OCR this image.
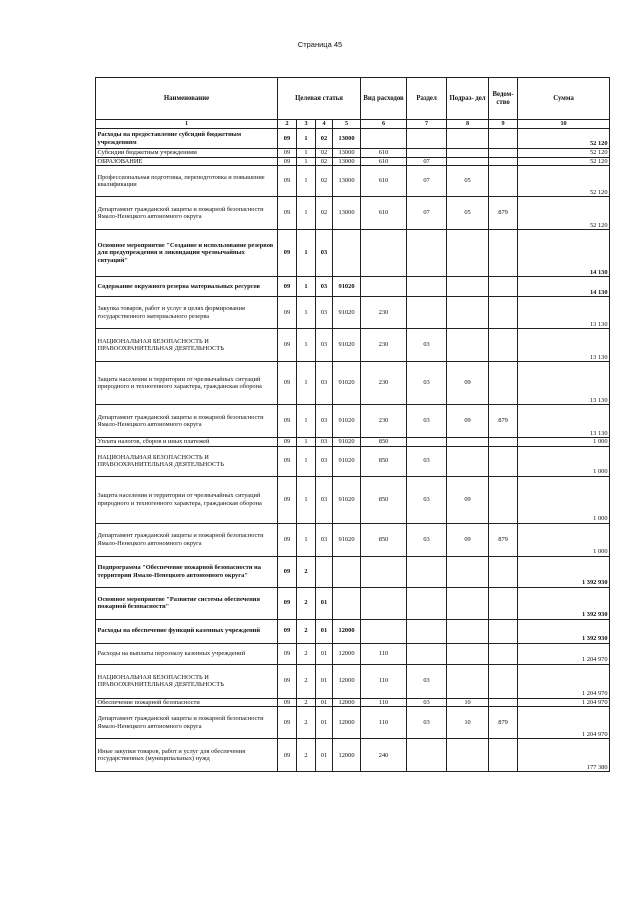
Страница 45
Наименование	Целевая статья				Вид расходов	Раздел	Подраз- дел	Ведом- ство	Сумма
1	2	3	4	5	6	7	8	9	10
Расходы на предоставление субсидий бюджетным учреждениям	09	1	02	13000					52 120
Субсидии бюджетным учреждениям	09	1	02	13000	610				52 120
ОБРАЗОВАНИЕ	09	1	02	13000	610	07			52 120
Профессиональная подготовка, переподготовка и повышение квалификации	09	1	02	13000	610	07	05		52 120
Департамент гражданской защиты и пожарной безопасности Ямало-Ненецкого автономного округа	09	1	02	13000	610	07	05	879	52 120
Основное мероприятие "Создание и использование резервов для предупреждения и ликвидации чрезвычайных ситуаций"	09	1	03						14 130
Содержание окружного резерва материальных ресурсов	09	1	03	91020					14 130
Закупка товаров, работ и услуг в целях формирования государственного материального резерва	09	1	03	91020	230				13 130
НАЦИОНАЛЬНАЯ БЕЗОПАСНОСТЬ И ПРАВООХРАНИТЕЛЬНАЯ ДЕЯТЕЛЬНОСТЬ	09	1	03	91020	230	03			13 130
Защита населения и территории от чрезвычайных ситуаций природного и техногенного характера, гражданская оборона	09	1	03	91020	230	03	09		13 130
Департамент гражданской защиты и пожарной безопасности Ямало-Ненецкого автономного округа	09	1	03	91020	230	03	09	879	13 130
Уплата налогов, сборов и иных платежей	09	1	03	91020	850				1 000
НАЦИОНАЛЬНАЯ БЕЗОПАСНОСТЬ И ПРАВООХРАНИТЕЛЬНАЯ ДЕЯТЕЛЬНОСТЬ	09	1	03	91020	850	03			1 000
Защита населения и территории от чрезвычайных ситуаций природного и техногенного характера, гражданская оборона	09	1	03	91020	850	03	09		1 000
Департамент гражданской защиты и пожарной безопасности Ямало-Ненецкого автономного округа	09	1	03	91020	850	03	09	879	1 000
Подпрограмма "Обеспечение пожарной безопасности на территории Ямало-Ненецкого автономного округа"	09	2							1 392 930
Основное мероприятие "Развитие системы обеспечения пожарной безопасности"	09	2	01						1 392 930
Расходы на обеспечение функций казенных учреждений	09	2	01	12000					1 392 930
Расходы на выплаты персоналу казенных учреждений	09	2	01	12000	110				1 204 970
НАЦИОНАЛЬНАЯ БЕЗОПАСНОСТЬ И ПРАВООХРАНИТЕЛЬНАЯ ДЕЯТЕЛЬНОСТЬ	09	2	01	12000	110	03			1 204 970
Обеспечение пожарной безопасности	09	2	01	12000	110	03	10		1 204 970
Департамент гражданской защиты и пожарной безопасности Ямало-Ненецкого автономного округа	09	2	01	12000	110	03	10	879	1 204 970
Иные закупки товаров, работ и услуг для обеспечения государственных (муниципальных) нужд	09	2	01	12000	240				177 380
